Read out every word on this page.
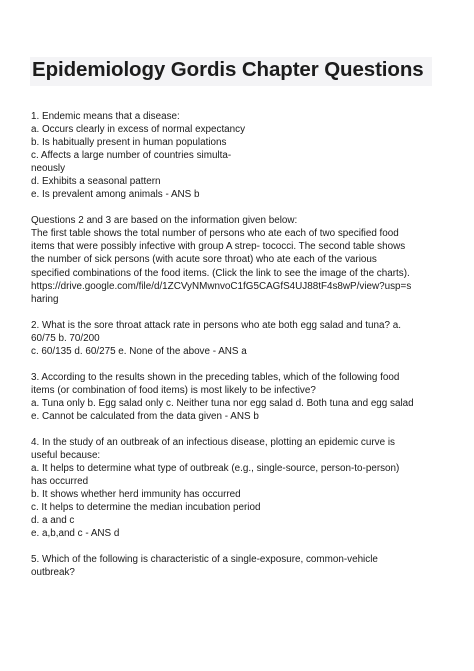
Epidemiology Gordis Chapter Questions
1. Endemic means that a disease:
a. Occurs clearly in excess of normal expectancy
b. Is habitually present in human populations
c. Affects a large number of countries simulta-
neously
d. Exhibits a seasonal pattern
e. Is prevalent among animals - ANS b
Questions 2 and 3 are based on the information given below:
The first table shows the total number of persons who ate each of two specified food
items that were possibly infective with group A strep- tococci. The second table shows
the number of sick persons (with acute sore throat) who ate each of the various
specified combinations of the food items. (Click the link to see the image of the charts).
https://drive.google.com/file/d/1ZCVyNMwnvoC1fG5CAGfS4UJ88tF4s8wP/view?usp=s
haring
2. What is the sore throat attack rate in persons who ate both egg salad and tuna? a.
60/75 b. 70/200
c. 60/135 d. 60/275 e. None of the above - ANS a
3. According to the results shown in the preceding tables, which of the following food
items (or combination of food items) is most likely to be infective?
a. Tuna only b. Egg salad only c. Neither tuna nor egg salad d. Both tuna and egg salad
e. Cannot be calculated from the data given - ANS b
4. In the study of an outbreak of an infectious disease, plotting an epidemic curve is
useful because:
a. It helps to determine what type of outbreak (e.g., single-source, person-to-person)
has occurred
b. It shows whether herd immunity has occurred
c. It helps to determine the median incubation period
d. a and c
e. a,b,and c - ANS d
5. Which of the following is characteristic of a single-exposure, common-vehicle
outbreak?
